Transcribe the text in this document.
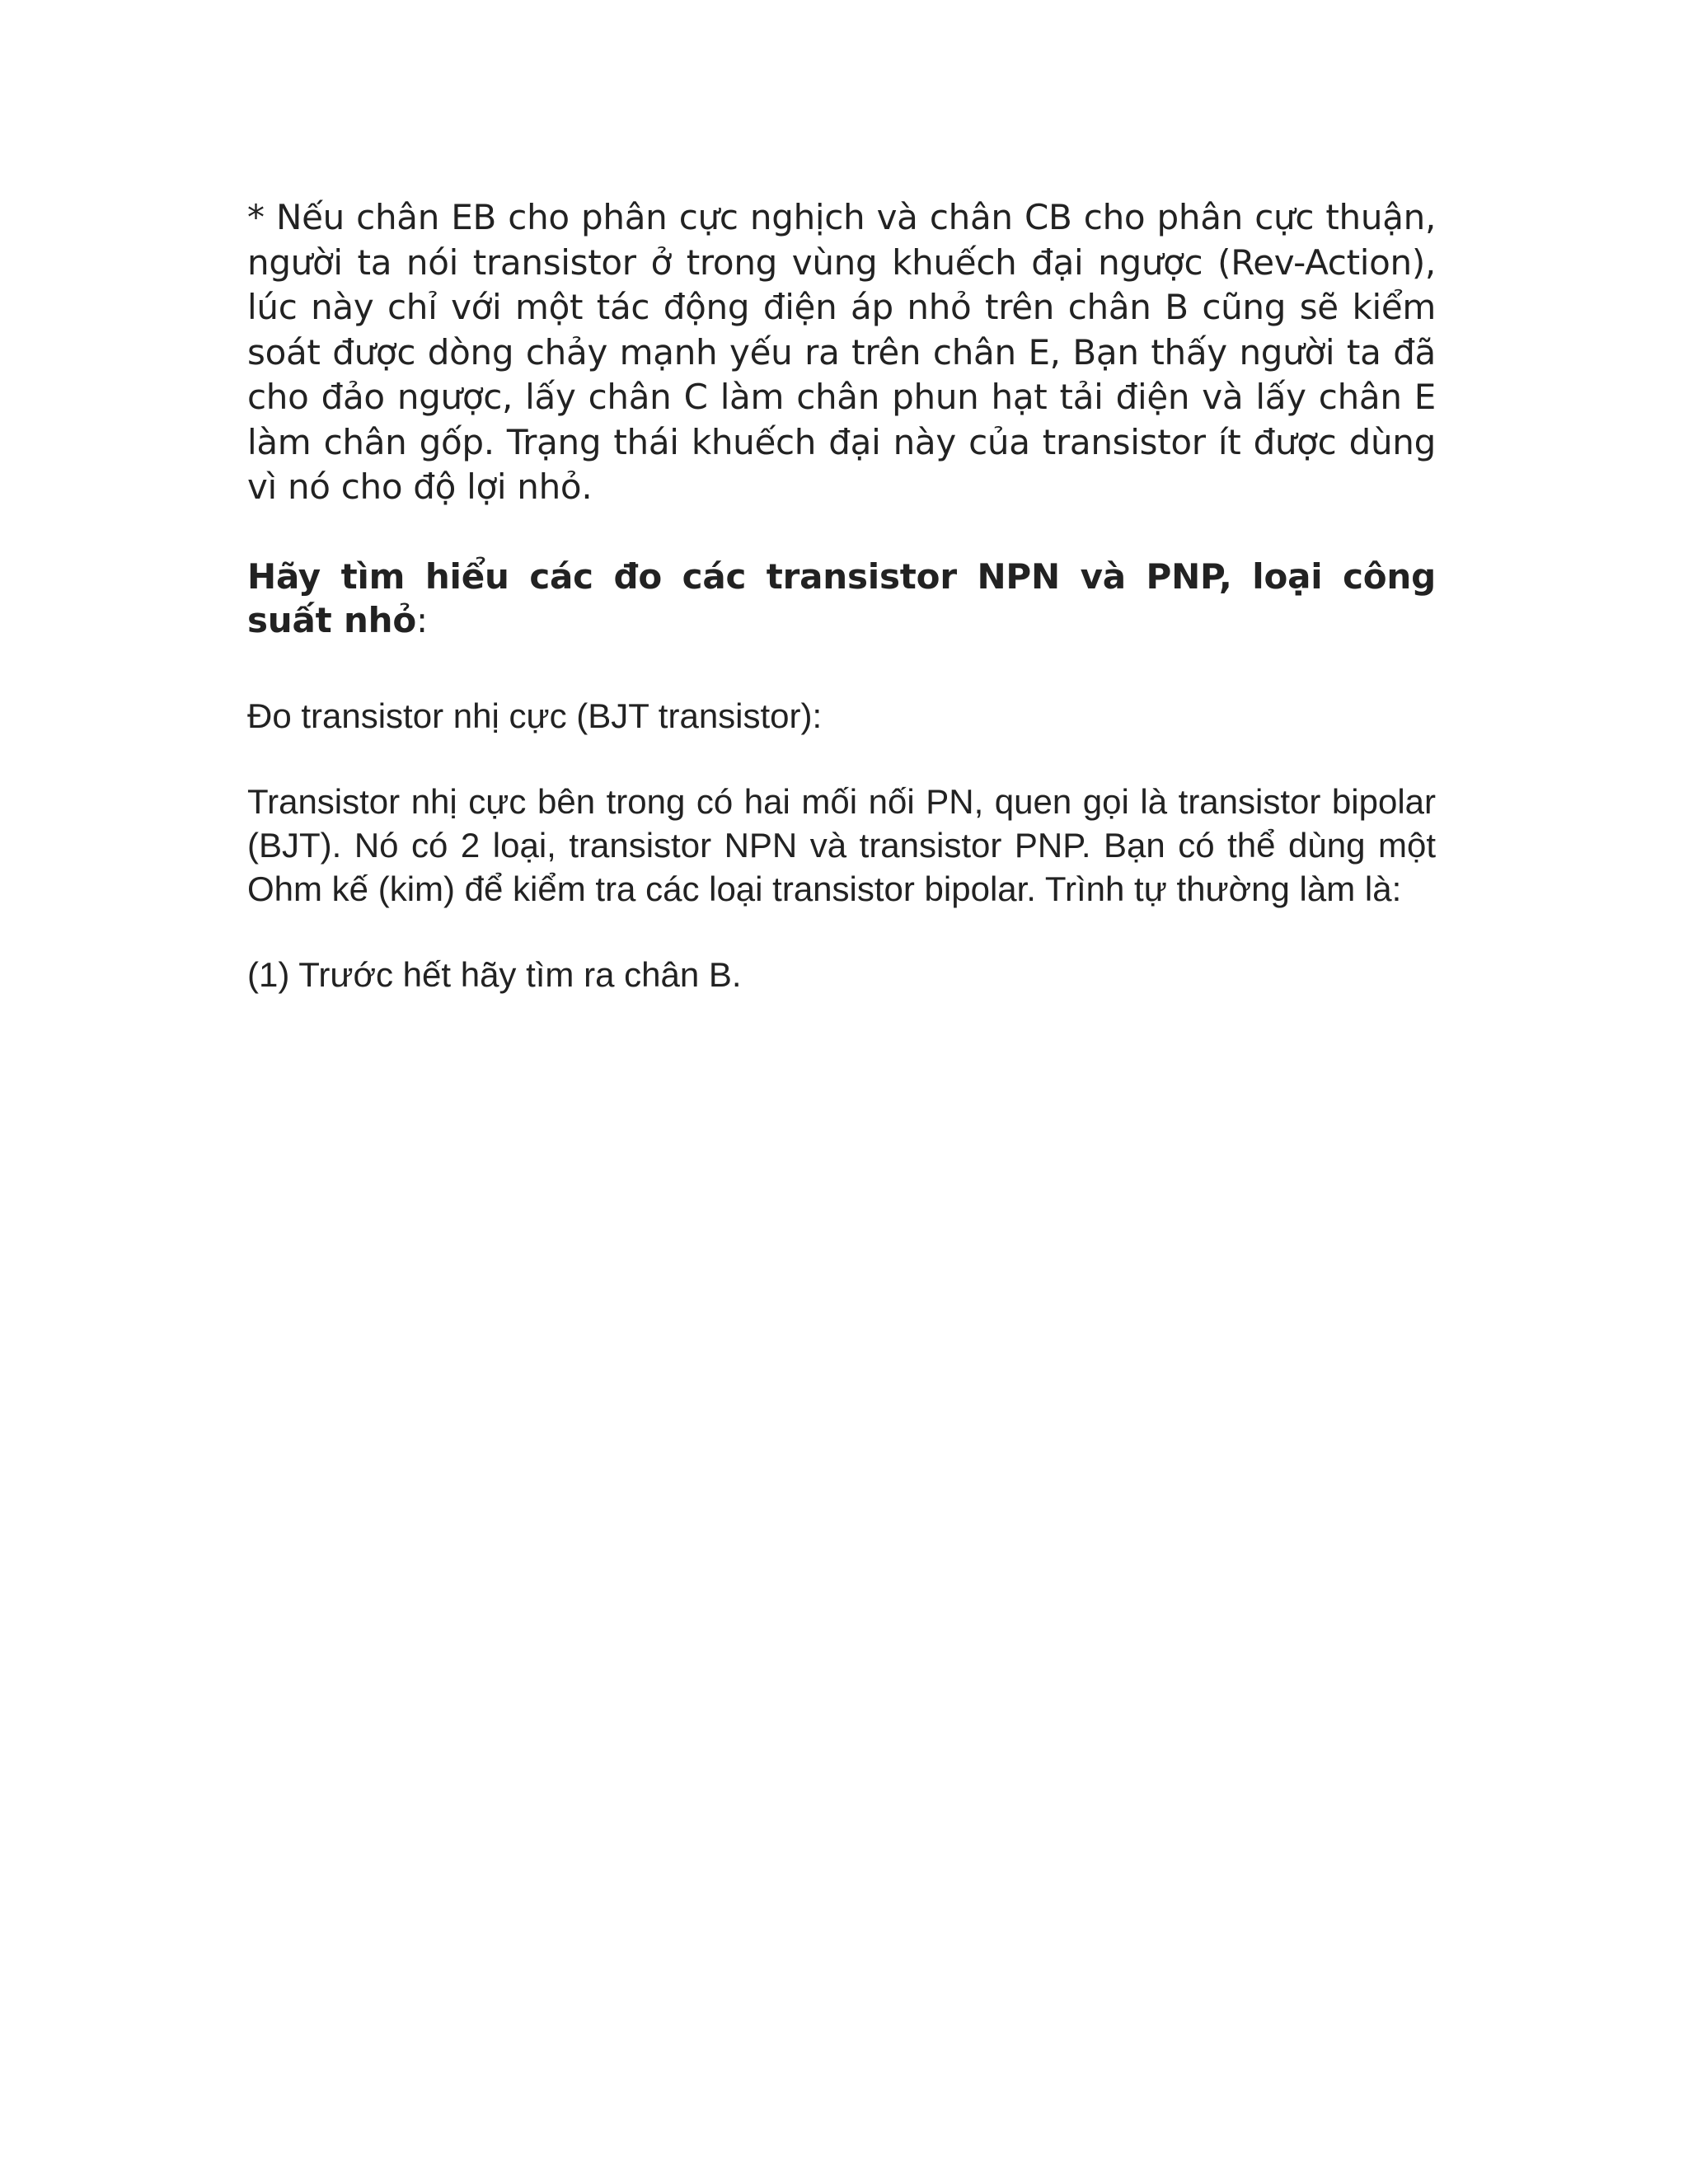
* Nếu chân EB cho phân cực nghịch và chân CB cho phân cực thuận, người ta nói transistor ở trong vùng khuếch đại ngược (Rev-Action), lúc này chỉ với một tác động điện áp nhỏ trên chân B cũng sẽ kiểm soát được dòng chảy mạnh yếu ra trên chân E, Bạn thấy người ta đã cho đảo ngược, lấy chân C làm chân phun hạt tải điện và lấy chân E làm chân gốp. Trạng thái khuếch đại này của transistor ít được dùng vì nó cho độ lợi nhỏ.

Hãy tìm hiểu các đo các transistor NPN và PNP, loại công suất nhỏ:

Đo transistor nhị cực (BJT transistor):

Transistor nhị cực bên trong có hai mối nối PN, quen gọi là transistor bipolar (BJT). Nó có 2 loại, transistor NPN và transistor PNP. Bạn có thể dùng một Ohm kế (kim) để kiểm tra các loại transistor bipolar. Trình tự thường làm là:

(1) Trước hết hãy tìm ra chân B.
